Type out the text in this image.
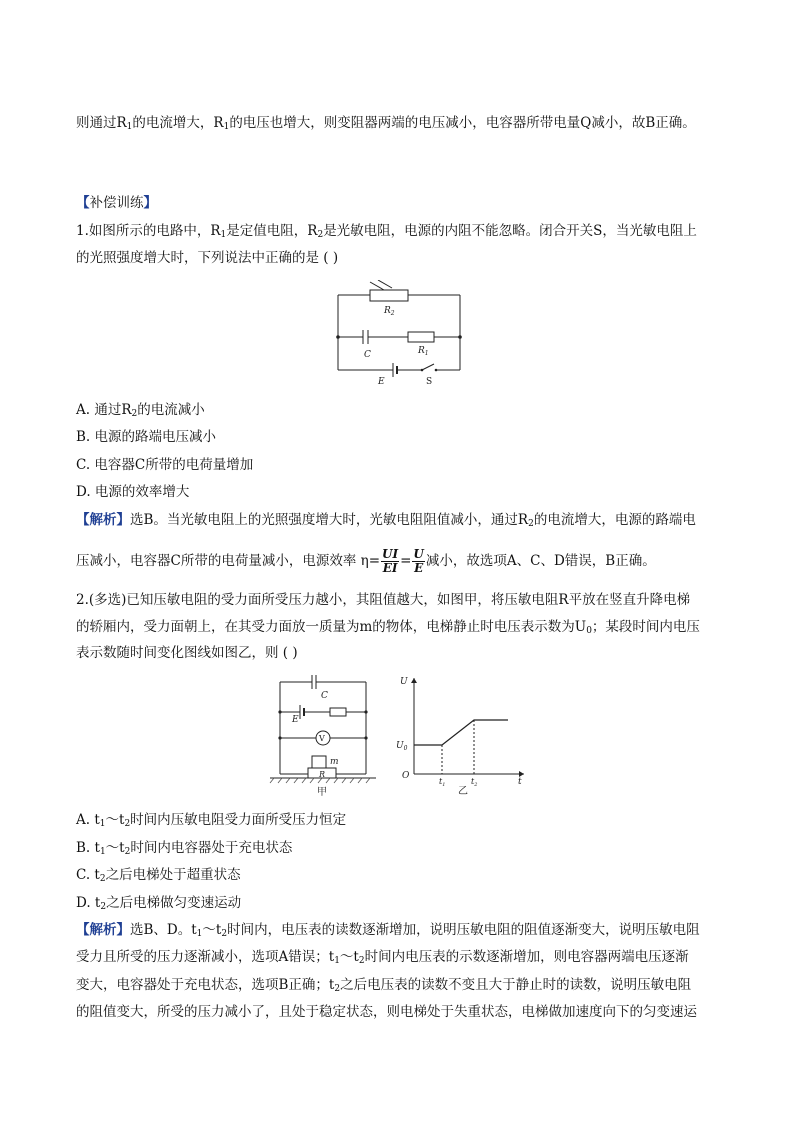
则通过$R_1$的电流增大，$R_1$的电压也增大，则变阻器两端的电压减小，电容器所带电量Q减小，故B正确。
【补偿训练】
1.如图所示的电路中，$R_1$是定值电阻，$R_2$是光敏电阻，电源的内阻不能忽略。闭合开关S，当光敏电阻上
的光照强度增大时，下列说法中正确的是 ( )
$R_2$
C	$R_1$
E	S
A. 通过$R_2$的电流减小
B. 电源的路端电压减小
C. 电容器C所带的电荷量增加
D. 电源的效率增大
【解析】选B。当光敏电阻上的光照强度增大时，光敏电阻阻值减小，通过$R_2$的电流增大，电源的路端电
压减小，电容器C所带的电荷量减小，电源效率 $\eta= \frac{UI}{EI} = \frac{U}{E}$ 减小，故选项A、C、D错误，B正确。
2.(多选)已知压敏电阻的受力面所受压力越小，其阻值越大，如图甲，将压敏电阻R平放在竖直升降电梯
的轿厢内，受力面朝上，在其受力面放一质量为m的物体，电梯静止时电压表示数为$U_0$；某段时间内电压
表示数随时间变化图线如图乙，则 ( )
C
E
V
R
m
甲
U
$U_0$
O
$t_1$	$t_2$	t
乙
A. $t_1\sim t_2$时间内压敏电阻受力面所受压力恒定
B. $t_1\sim t_2$时间内电容器处于充电状态
C. $t_2$之后电梯处于超重状态
D. $t_2$之后电梯做匀变速运动
【解析】选B、D。$t_1\sim t_2$时间内，电压表的读数逐渐增加，说明压敏电阻的阻值逐渐变大，说明压敏电阻
受力且所受的压力逐渐减小，选项A错误；$t_1\sim t_2$时间内电压表的示数逐渐增加，则电容器两端电压逐渐
变大，电容器处于充电状态，选项B正确；$t_2$之后电压表的读数不变且大于静止时的读数，说明压敏电阻
的阻值变大，所受的压力减小了，且处于稳定状态，则电梯处于失重状态，电梯做加速度向下的匀变速运
